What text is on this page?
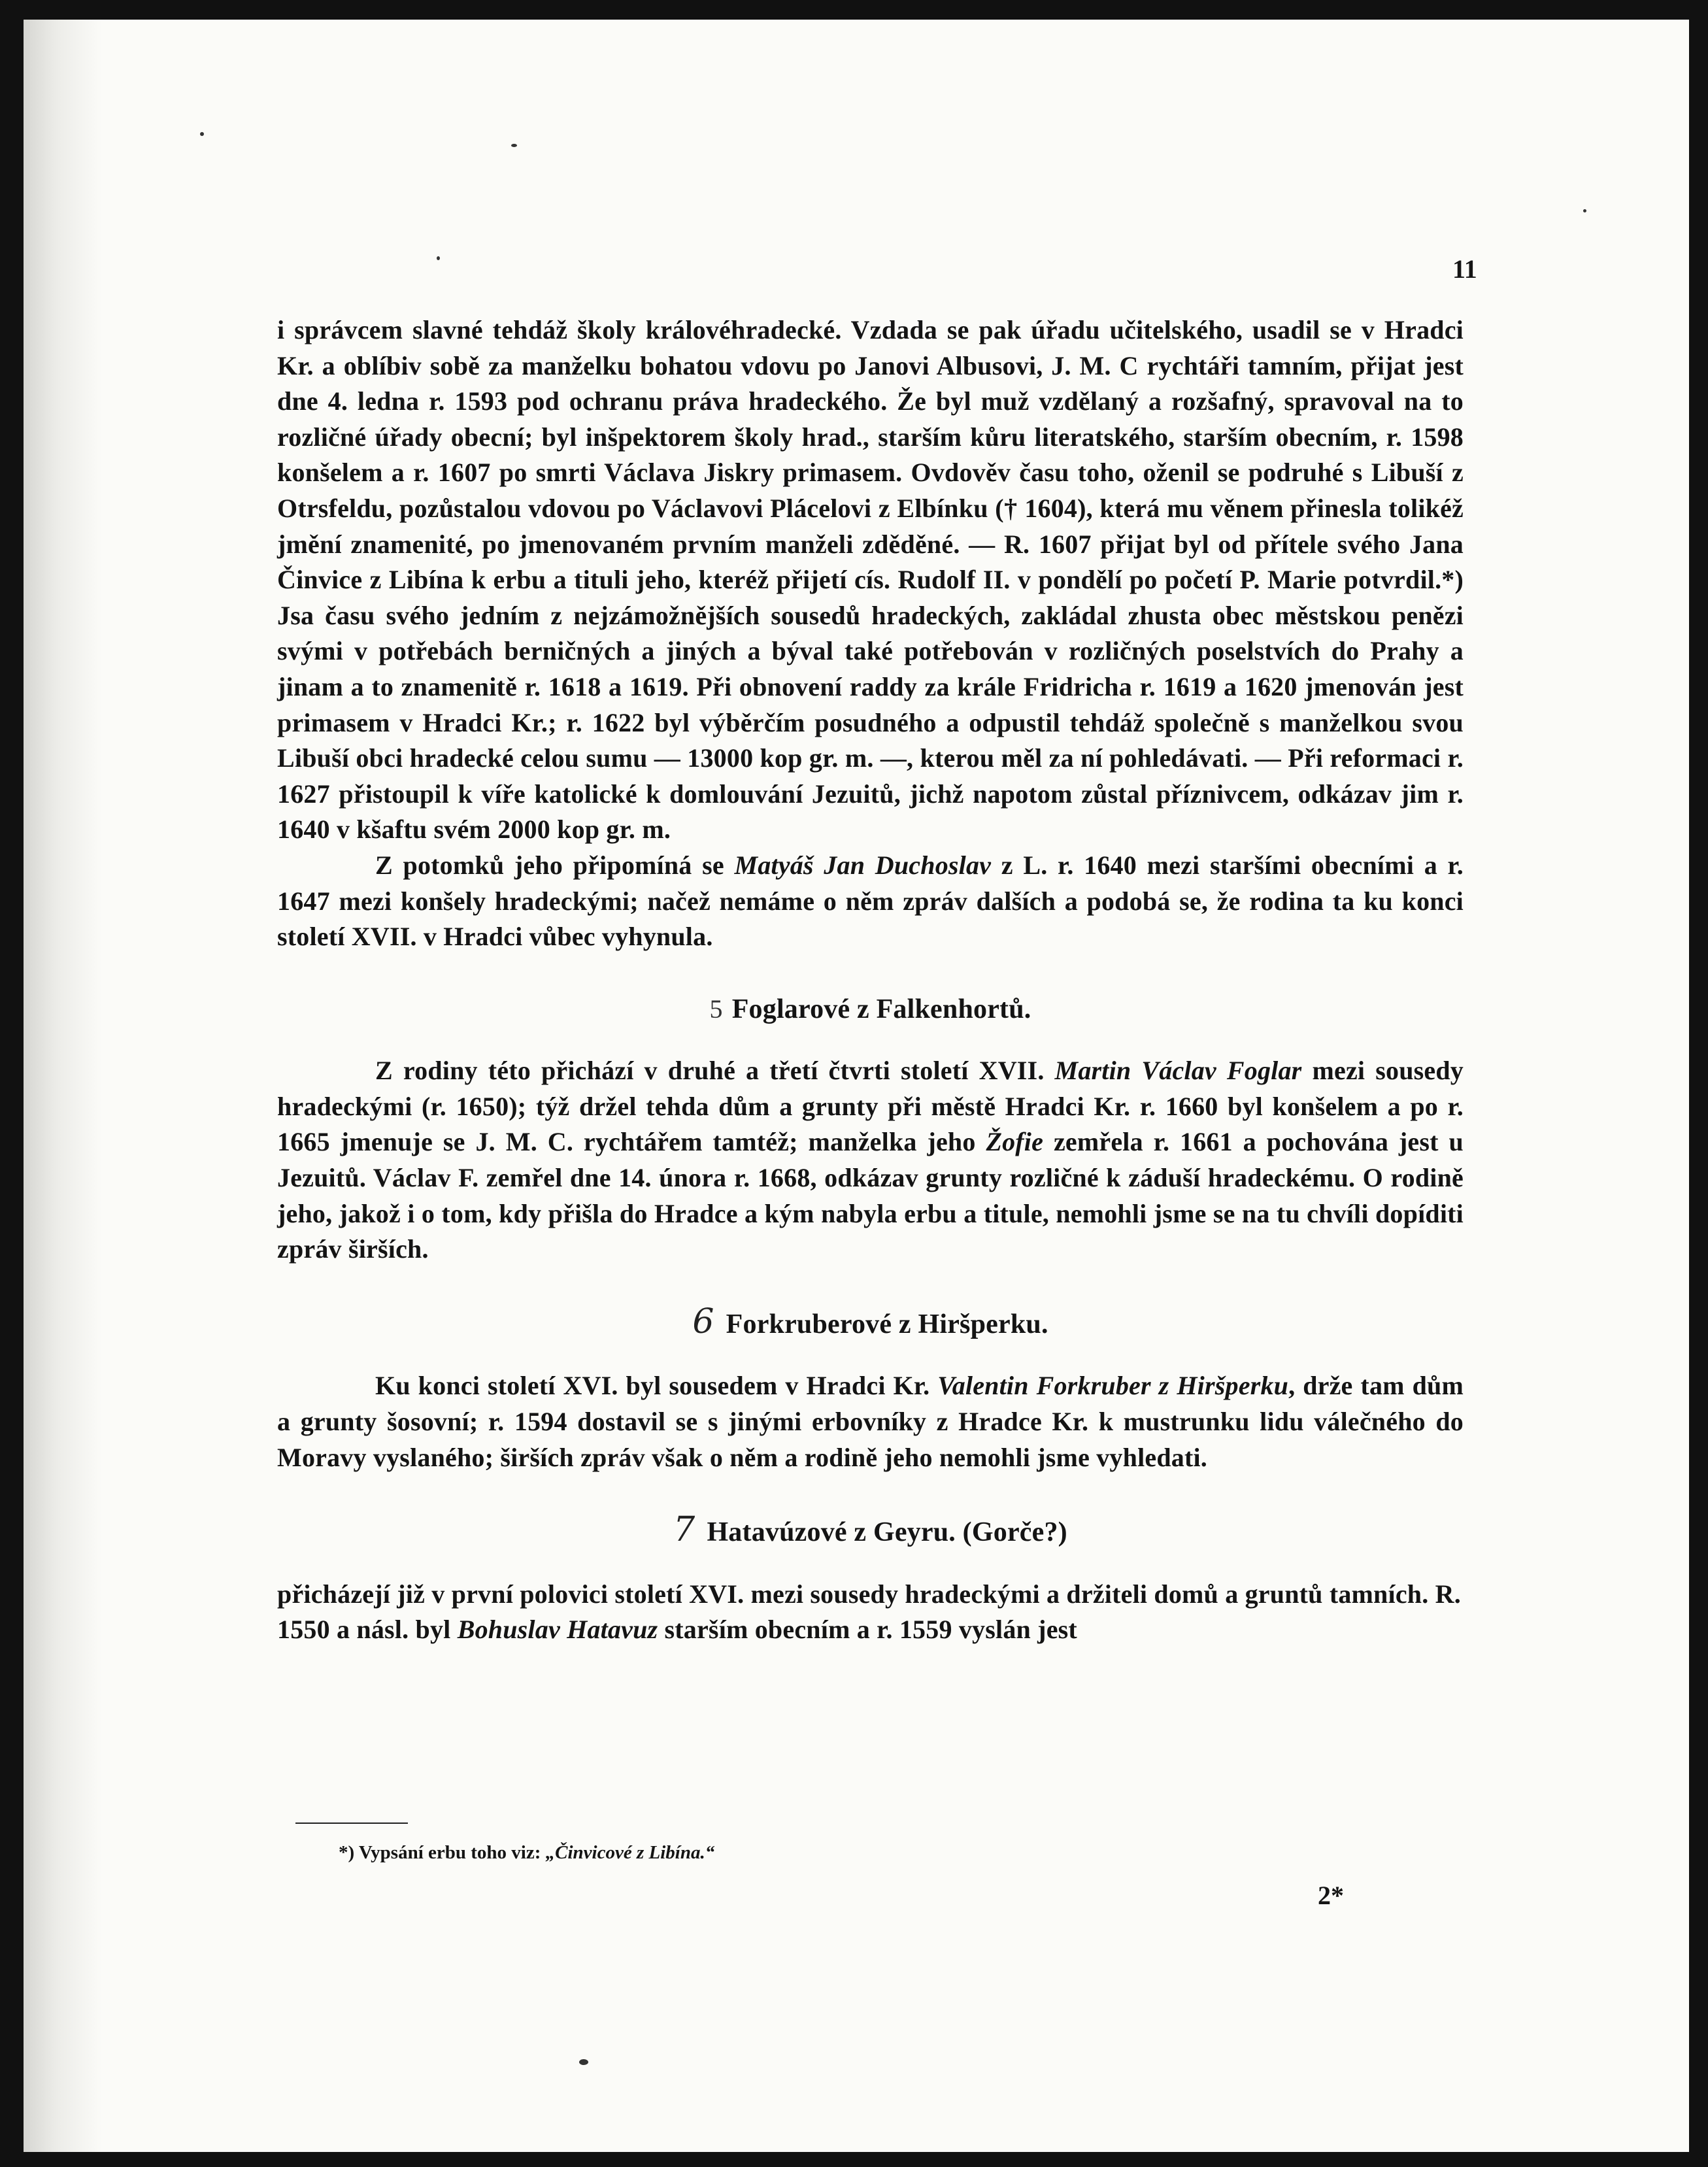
11

i správcem slavné tehdáž školy královéhradecké. Vzdada se pak úřadu učitelského, usadil se v Hradci Kr. a oblíbiv sobě za manželku bohatou vdovu po Janovi Albusovi, J. M. C rychtáři tamním, přijat jest dne 4. ledna r. 1593 pod ochranu práva hradeckého. Že byl muž vzdělaný a rozšafný, spravoval na to rozličné úřady obecní; byl inšpektorem školy hrad., starším kůru literatského, starším obecním, r. 1598 konšelem a r. 1607 po smrti Václava Jiskry primasem. Ovdověv času toho, oženil se podruhé s Libuší z Otrsfeldu, pozůstalou vdovou po Václavovi Plácelovi z Elbínku († 1604), která mu věnem přinesla tolikéž jmění znamenité, po jmenovaném prvním manželi zděděné. — R. 1607 přijat byl od přítele svého Jana Činvice z Libína k erbu a tituli jeho, kteréž přijetí cís. Rudolf II. v pondělí po početí P. Marie potvrdil.*) Jsa času svého jedním z nejzámožnějších sousedů hradeckých, zakládal zhusta obec městskou penězi svými v potřebách berničných a jiných a býval také potřebován v rozličných poselstvích do Prahy a jinam a to znamenitě r. 1618 a 1619. Při obnovení raddy za krále Fridricha r. 1619 a 1620 jmenován jest primasem v Hradci Kr.; r. 1622 byl výběrčím posudného a odpustil tehdáž společně s manželkou svou Libuší obci hradecké celou sumu — 13000 kop gr. m. —, kterou měl za ní pohledávati. — Při reformaci r. 1627 přistoupil k víře katolické k domlouvání Jezuitů, jichž napotom zůstal příznivcem, odkázav jim r. 1640 v kšaftu svém 2000 kop gr. m.

Z potomků jeho připomíná se Matyáš Jan Duchoslav z L. r. 1640 mezi staršími obecními a r. 1647 mezi konšely hradeckými; načež nemáme o něm zpráv dalších a podobá se, že rodina ta ku konci století XVII. v Hradci vůbec vyhynula.

5 Foglarové z Falkenhortů.

Z rodiny této přichází v druhé a třetí čtvrti století XVII. Martin Václav Foglar mezi sousedy hradeckými (r. 1650); týž držel tehda dům a grunty při městě Hradci Kr. r. 1660 byl konšelem a po r. 1665 jmenuje se J. M. C. rychtářem tamtéž; manželka jeho Žofie zemřela r. 1661 a pochována jest u Jezuitů. Václav F. zemřel dne 14. února r. 1668, odkázav grunty rozličné k záduší hradeckému. O rodině jeho, jakož i o tom, kdy přišla do Hradce a kým nabyla erbu a titule, nemohli jsme se na tu chvíli dopíditi zpráv širších.

6 Forkruberové z Hiršperku.

Ku konci století XVI. byl sousedem v Hradci Kr. Valentin Forkruber z Hiršperku, drže tam dům a grunty šosovní; r. 1594 dostavil se s jinými erbovníky z Hradce Kr. k mustrunku lidu válečného do Moravy vyslaného; širších zpráv však o něm a rodině jeho nemohli jsme vyhledati.

7 Hatavúzové z Geyru. (Gorče?)

přicházejí již v první polovici století XVI. mezi sousedy hradeckými a držiteli domů a gruntů tamních. R. 1550 a násl. byl Bohuslav Hatavuz starším obecním a r. 1559 vyslán jest

*) Vypsání erbu toho viz: „Činvicové z Libína.“
2*
